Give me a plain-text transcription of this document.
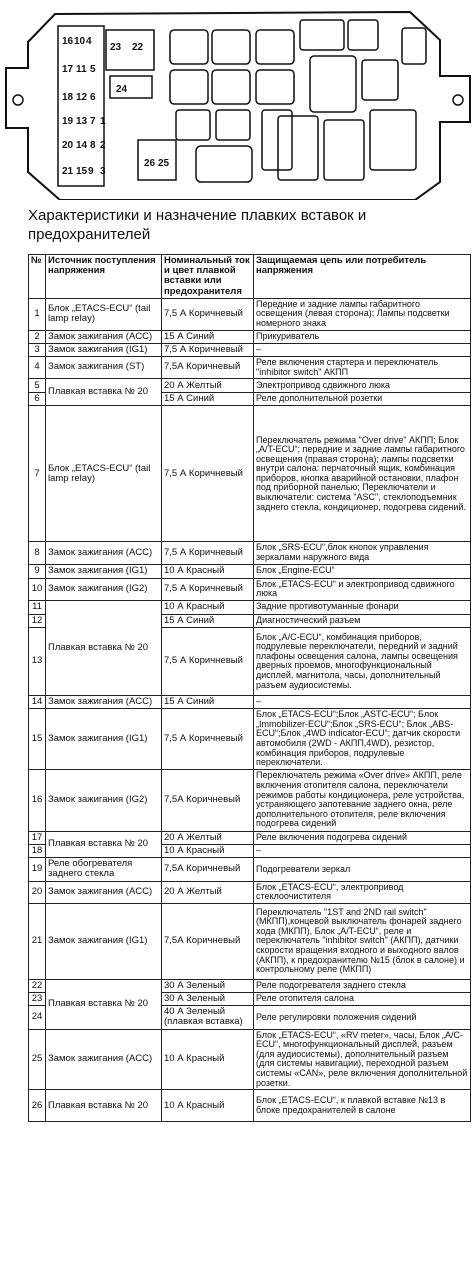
16 10 4
23 22
24
17 11 5
18 12 6
19 13 7 1
20 14 8 2
21 15 9 3
26 25
Характеристики и назначение плавких вставок и
предохранителей
№	Источник поступления напряжения	Номинальный ток и цвет плавкой вставки или предохранителя	Защищаемая цепь или потребитель напряжения
1	Блок „ETACS-ECU“ (tail lamp relay)	7,5 А Коричневый	Передние и задние лампы габаритного освещения (левая сторона); Лампы подсветки номерного знака
2	Замок зажигания (ACC)	15 А Синий	Прикуриватель
3	Замок зажигания (IG1)	7,5 А Коричневый	–
4	Замок зажигания (ST)	7,5А Коричневый	Реле включения стартера и переключатель "inhibitor switch" АКПП
5	Плавкая вставка № 20	20 А Желтый	Электропривод сдвижного люка
6		15 А Синий	Реле дополнительной розетки
7	Блок „ETACS-ECU“ (tail lamp relay)	7,5 А Коричневый	Переключатель режима "Over drive" АКПП; Блок „A/T-ECU“; передние и задние лампы габаритного освещения (правая сторона); лампы подсветки внутри салона: перчаточный ящик, комбинация приборов, кнопка аварийной остановки, плафон под приборной панелью; Переключатели и выключатели: система "ASC", стеклоподъемник заднего стекла, кондиционер, подогрева сидений.
8	Замок зажигания (ACC)	7,5 А Коричневый	Блок „SRS-ECU“,блок кнопок управления зеркалами наружного вида
9	Замок зажигания (IG1)	10 А Красный	Блок „Engine-ECU“
10	Замок зажигания (IG2)	7,5 А Коричневый	Блок „ETACS-ECU“ и электропривод сдвижного люка
11	Плавкая вставка № 20	10 А Красный	Задние противотуманные фонари
12		15 А Синий	Диагностический разъем
13		7,5 А Коричневый	Блок „A/C-ECU“, комбинация приборов, подрулевые переключатели, передний и задний плафоны освещения салона, лампы освещения дверных проемов, многофункциональный дисплей, магнитола, часы, дополнительный разъем аудиосистемы.
14	Замок зажигания (ACC)	15 А Синий	–
15	Замок зажигания (IG1)	7,5 А Коричневый	Блок „ETACS-ECU“;Блок „ASTC-ECU“; Блок „Immobilizer-ECU“;Блок „SRS-ECU“; Блок „ABS-ECU“;Блок „4WD indicator-ECU“; датчик скорости автомобиля (2WD - АКПП,4WD), резистор, комбинация приборов, подрулевые переключатели.
16	Замок зажигания (IG2)	7,5А Коричневый	Переключатель режима «Over drive» АКПП, реле включения отопителя салона, переключатели режимов работы кондиционера, реле устройства, устраняющего запотевание заднего окна, реле дополнительного отопителя, реле включения подогрева сидений
17	Плавкая вставка № 20	20 А Желтый	Реле включения подогрева сидений
18		10 А Красный	–
19	Реле обогревателя заднего стекла	7,5А Коричневый	Подогреватели зеркал
20	Замок зажигания (ACC)	20 А Желтый	Блок „ETACS-ECU“, электропривод стеклоочистителя
21	Замок зажигания (IG1)	7,5А Коричневый	Переключатель "1ST and 2ND rail switch" (МКПП),концевой выключатель фонарей заднего хода (МКПП), Блок „A/T-ECU“, реле и переключатель "inhibitor switch" (АКПП), датчики скорости вращения входного и выходного валов (АКПП), к предохранителю №15 (блок в салоне) и контрольному реле (МКПП)
22	Плавкая вставка № 20	30 А Зеленый	Реле подогревателя заднего стекла
23		30 А Зеленый	Реле отопителя салона
24		40 А Зеленый (плавкая вставка)	Реле регулировки положения сидений
25	Замок зажигания (ACC)	10 А Красный	Блок „ETACS-ECU“, «RV meter», часы, Блок „A/C-ECU“, многофункциональный дисплей, разъем (для аудиосистемы), дополнительный разъем (для системы навигации), переходной разъем системы «CAN», реле включения дополнительной розетки.
26	Плавкая вставка № 20	10 А Красный	Блок „ETACS-ECU“, к плавкой вставке №13 в блоке предохранителей в салоне
